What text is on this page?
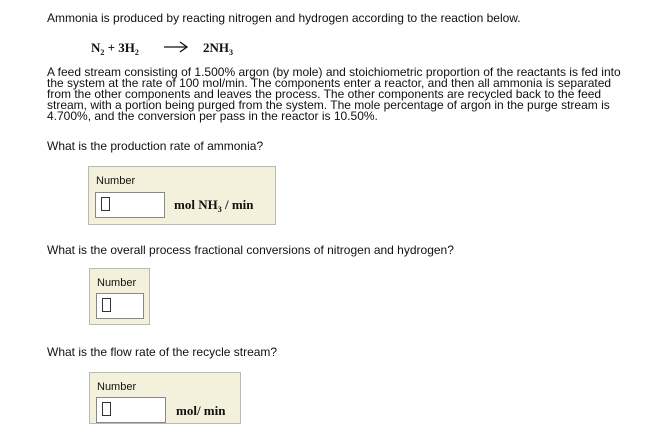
Ammonia is produced by reacting nitrogen and hydrogen according to the reaction below.
$N_2 + 3H_2 \to 2NH_3$
A feed stream consisting of 1.500% argon (by mole) and stoichiometric proportion of the reactants is fed into
the system at the rate of 100 mol/min. The components enter a reactor, and then all ammonia is separated
from the other components and leaves the process. The other components are recycled back to the feed
stream, with a portion being purged from the system. The mole percentage of argon in the purge stream is
4.700%, and the conversion per pass in the reactor is 10.50%.
What is the production rate of ammonia?
Number
mol $NH_3$ / min
What is the overall process fractional conversions of nitrogen and hydrogen?
Number
What is the flow rate of the recycle stream?
Number
mol/ min
